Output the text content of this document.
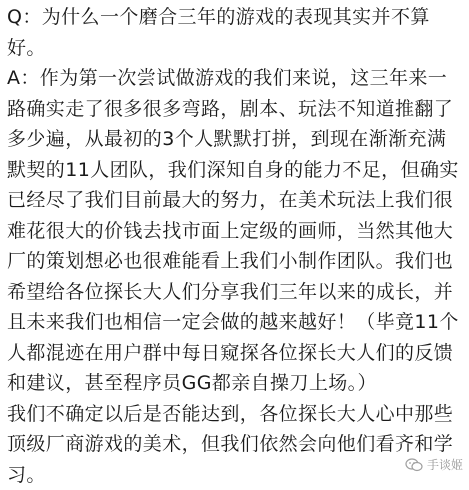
Q：为什么一个磨合三年的游戏的表现其实并不算好。

A：作为第一次尝试做游戏的我们来说，这三年来一路确实走了很多很多弯路，剧本、玩法不知道推翻了多少遍，从最初的3个人默默打拼，到现在渐渐充满默契的11人团队，我们深知自身的能力不足，但确实已经尽了我们目前最大的努力，在美术玩法上我们很难花很大的价钱去找市面上定级的画师，当然其他大厂的策划想必也很难能看上我们小制作团队。我们也希望给各位探长大人们分享我们三年以来的成长，并且未来我们也相信一定会做的越来越好！（毕竟11个人都混迹在用户群中每日窥探各位探长大人们的反馈和建议，甚至程序员GG都亲自操刀上场。）

我们不确定以后是否能达到，各位探长大人心中那些顶级厂商游戏的美术，但我们依然会向他们看齐和学习。	手谈姬
